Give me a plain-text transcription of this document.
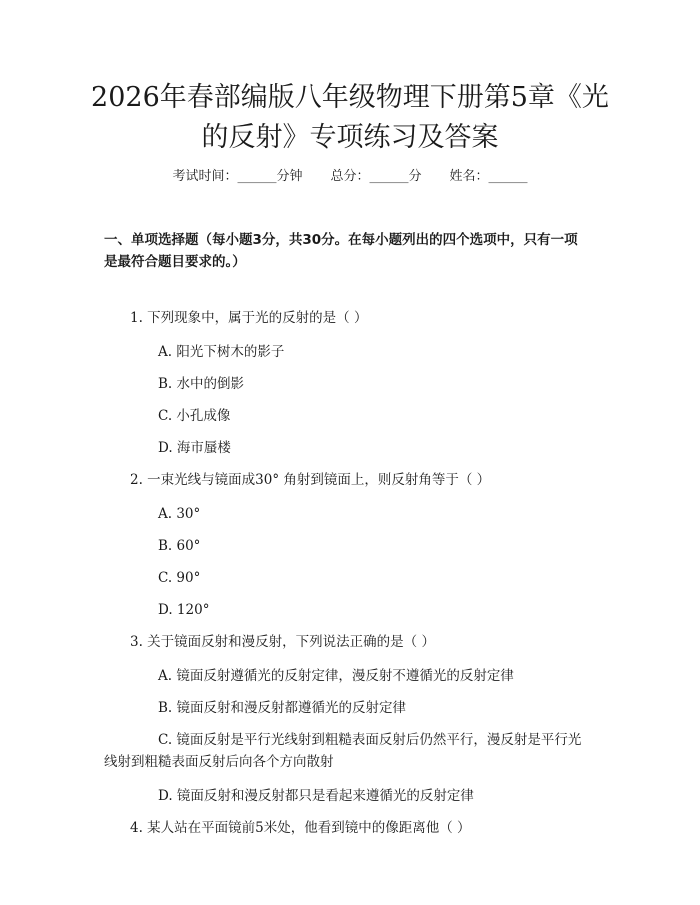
2026年春部编版八年级物理下册第5章《光
的反射》专项练习及答案
考试时间：______分钟 总分：______分 姓名：______
一、单项选择题（每小题3分，共30分。在每小题列出的四个选项中，只有一项
是最符合题目要求的。）
1. 下列现象中，属于光的反射的是（ ）
A. 阳光下树木的影子
B. 水中的倒影
C. 小孔成像
D. 海市蜃楼
2. 一束光线与镜面成30° 角射到镜面上，则反射角等于（ ）
A. 30°
B. 60°
C. 90°
D. 120°
3. 关于镜面反射和漫反射，下列说法正确的是（ ）
A. 镜面反射遵循光的反射定律，漫反射不遵循光的反射定律
B. 镜面反射和漫反射都遵循光的反射定律
C. 镜面反射是平行光线射到粗糙表面反射后仍然平行，漫反射是平行光
线射到粗糙表面反射后向各个方向散射
D. 镜面反射和漫反射都只是看起来遵循光的反射定律
4. 某人站在平面镜前5米处，他看到镜中的像距离他（ ）
